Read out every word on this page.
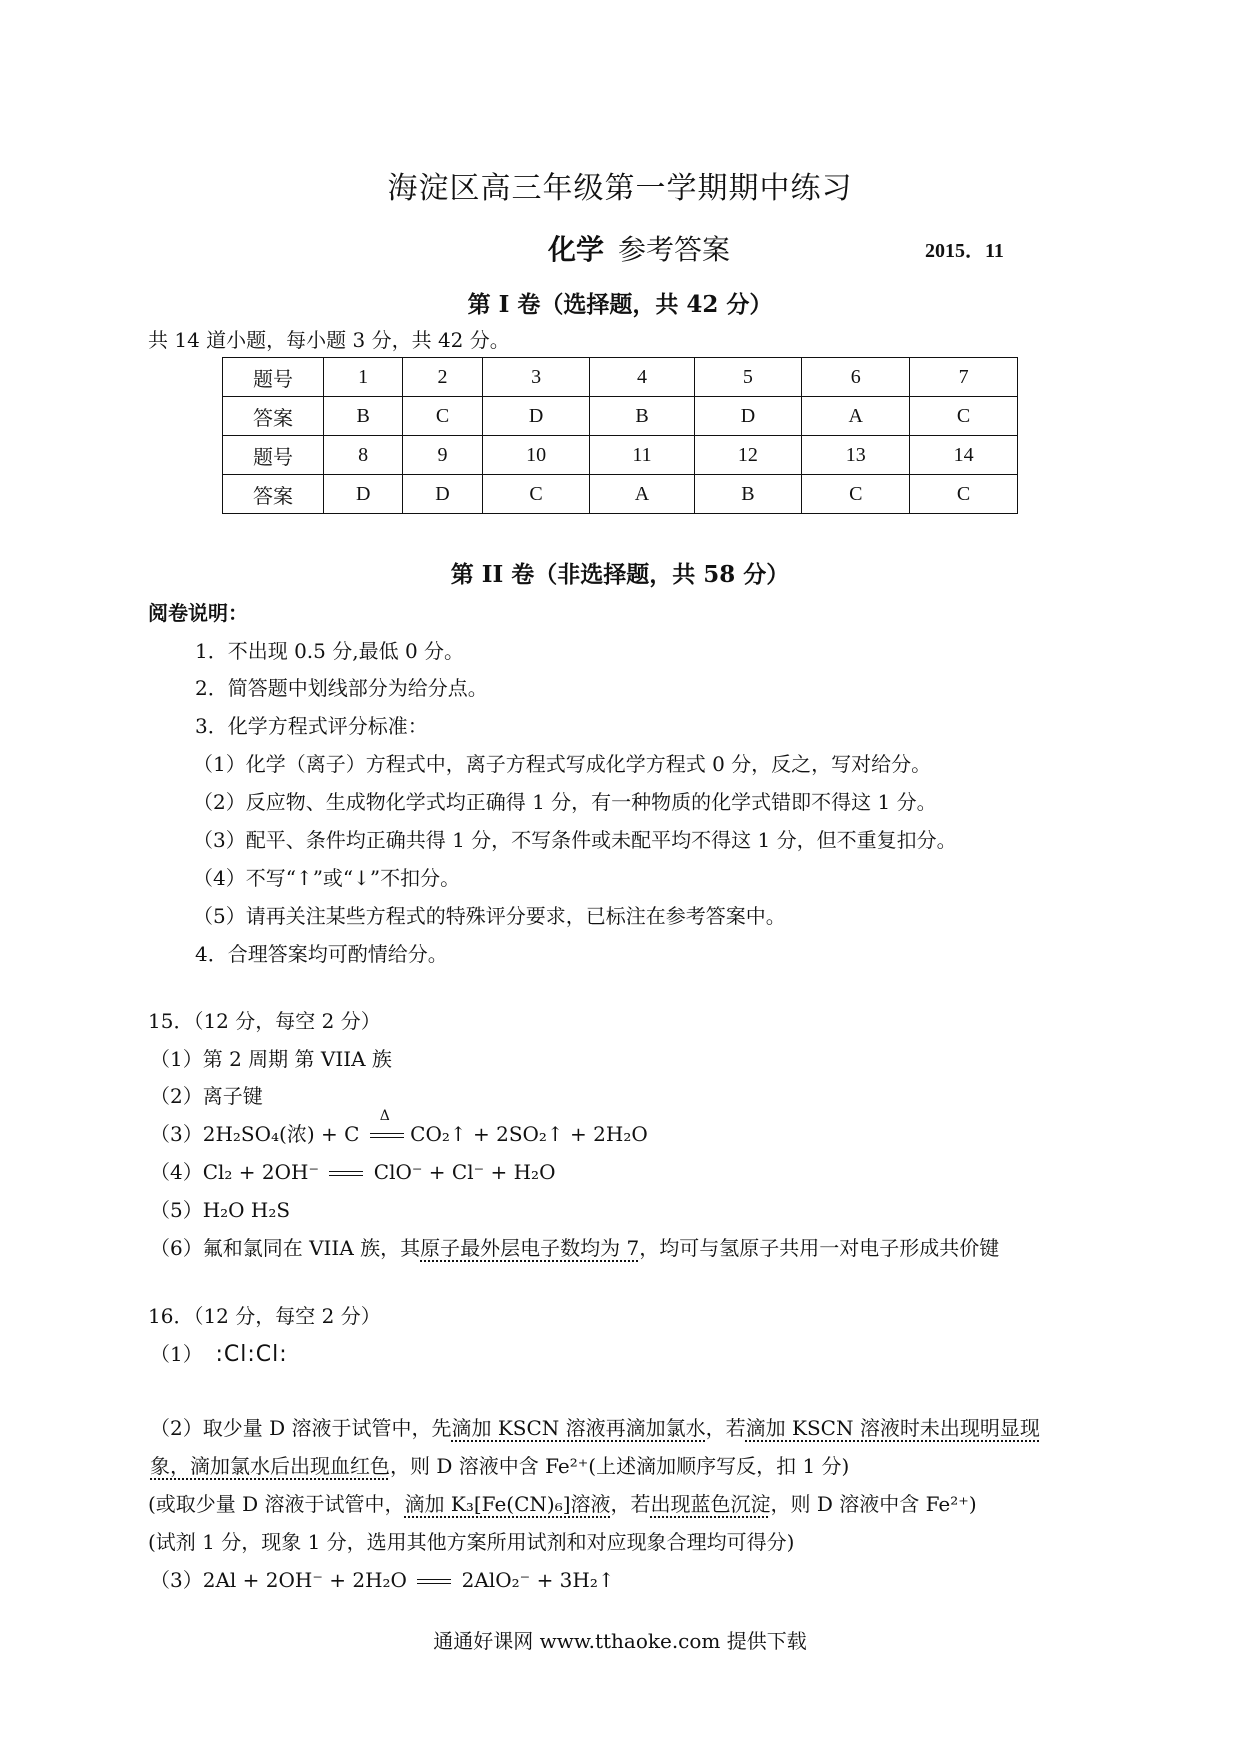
海淀区高三年级第一学期期中练习
化学 参考答案	2015．11
第 I 卷（选择题，共 42 分）
共 14 道小题，每小题 3 分，共 42 分。
题号	1	2	3	4	5	6	7
答案	B	C	D	B	D	A	C
题号	8	9	10	11	12	13	14
答案	D	D	C	A	B	C	C
第 II 卷（非选择题，共 58 分）
阅卷说明：
1．不出现 0.5 分,最低 0 分。
2．简答题中划线部分为给分点。
3．化学方程式评分标准：
（1）化学（离子）方程式中，离子方程式写成化学方程式 0 分，反之，写对给分。
（2）反应物、生成物化学式均正确得 1 分，有一种物质的化学式错即不得这 1 分。
（3）配平、条件均正确共得 1 分，不写条件或未配平均不得这 1 分，但不重复扣分。
（4）不写“↑”或“↓”不扣分。
（5）请再关注某些方程式的特殊评分要求，已标注在参考答案中。
4．合理答案均可酌情给分。
15．（12 分，每空 2 分）
（1）第 2 周期 第 VIIA 族
（2）离子键
（3）2H₂SO₄(浓) + C
Δ
CO₂↑ + 2SO₂↑ + 2H₂O
（4）Cl₂ + 2OH⁻	ClO⁻ + Cl⁻ + H₂O
（5）H₂O H₂S
（6）氟和氯同在 VIIA 族，其原子最外层电子数均为 7，均可与氢原子共用一对电子形成共价键
16．（12 分，每空 2 分）
（1） :Cl:Cl:
（2）取少量 D 溶液于试管中，先滴加 KSCN 溶液再滴加氯水，若滴加 KSCN 溶液时未出现明显现
象，滴加氯水后出现血红色，则 D 溶液中含 Fe²⁺(上述滴加顺序写反，扣 1 分)
(或取少量 D 溶液于试管中，滴加 K₃[Fe(CN)₆]溶液，若出现蓝色沉淀，则 D 溶液中含 Fe²⁺)
(试剂 1 分，现象 1 分，选用其他方案所用试剂和对应现象合理均可得分)
（3）2Al + 2OH⁻ + 2H₂O	2AlO₂⁻ + 3H₂↑
通通好课网 www.tthaoke.com 提供下载
